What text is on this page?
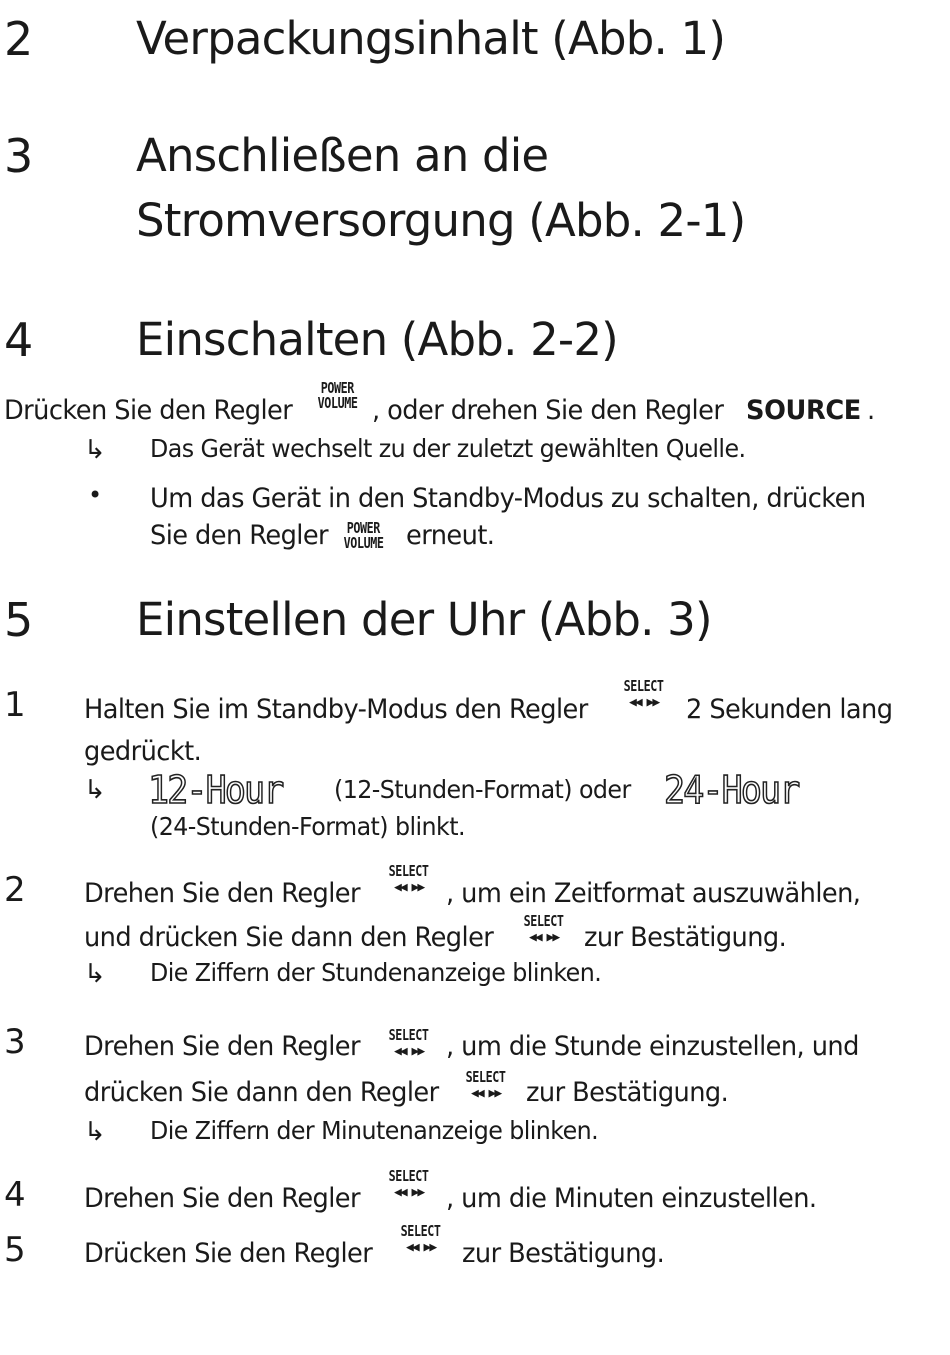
2 Verpackungsinhalt (Abb. 1)
3 Anschließen an die
Stromversorgung (Abb. 2-1)
4 Einschalten (Abb. 2-2)
Drücken Sie den Regler
POWER
VOLUME , oder drehen Sie den Regler SOURCE .
↳ Das Gerät wechselt zu der zuletzt gewählten Quelle.
• Um das Gerät in den Standby-Modus zu schalten, drücken
Sie den Regler POWER
VOLUME erneut.
5 Einstellen der Uhr (Abb. 3)
1 Halten Sie im Standby-Modus den Regler
SELECT
◀◀ ▶▶ 2 Sekunden lang
gedrückt.
↳ 12-Hour (12-Stunden-Format) oder 24-Hour
(24-Stunden-Format) blinkt.
2 Drehen Sie den Regler
SELECT
◀◀ ▶▶ , um ein Zeitformat auszuwählen,
und drücken Sie dann den Regler
SELECT
◀◀ ▶▶ zur Bestätigung.
↳ Die Ziffern der Stundenanzeige blinken.
3 Drehen Sie den Regler SELECT
◀◀ ▶▶ , um die Stunde einzustellen, und
drücken Sie dann den Regler SELECT
◀◀ ▶▶ zur Bestätigung.
↳ Die Ziffern der Minutenanzeige blinken.
4 Drehen Sie den Regler
SELECT
◀◀ ▶▶ , um die Minuten einzustellen.
5 Drücken Sie den Regler
SELECT
◀◀ ▶▶ zur Bestätigung.
